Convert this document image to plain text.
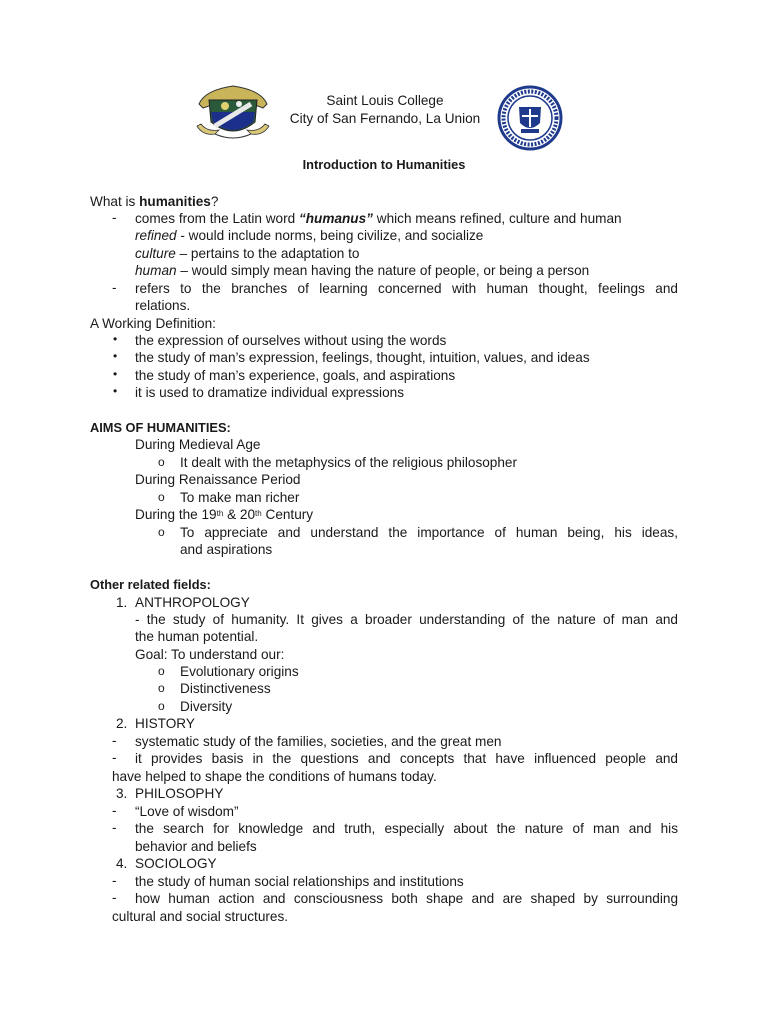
Saint Louis College
City of San Fernando, La Union
Introduction to Humanities
What is humanities?
- comes from the Latin word “humanus” which means refined, culture and human
refined - would include norms, being civilize, and socialize
culture – pertains to the adaptation to
human – would simply mean having the nature of people, or being a person
- refers to the branches of learning concerned with human thought, feelings and
relations.
A Working Definition:
• the expression of ourselves without using the words
• the study of man’s expression, feelings, thought, intuition, values, and ideas
• the study of man’s experience, goals, and aspirations
• it is used to dramatize individual expressions
AIMS OF HUMANITIES:
During Medieval Age
o It dealt with the metaphysics of the religious philosopher
During Renaissance Period
o To make man richer
During the 19th & 20th Century
o To appreciate and understand the importance of human being, his ideas,
and aspirations
Other related fields:
1. ANTHROPOLOGY
- the study of humanity. It gives a broader understanding of the nature of man and
the human potential.
Goal: To understand our:
o Evolutionary origins
o Distinctiveness
o Diversity
2. HISTORY
- systematic study of the families, societies, and the great men
- it provides basis in the questions and concepts that have influenced people and
have helped to shape the conditions of humans today.
3. PHILOSOPHY
- “Love of wisdom”
- the search for knowledge and truth, especially about the nature of man and his
behavior and beliefs
4. SOCIOLOGY
- the study of human social relationships and institutions
- how human action and consciousness both shape and are shaped by surrounding
cultural and social structures.
